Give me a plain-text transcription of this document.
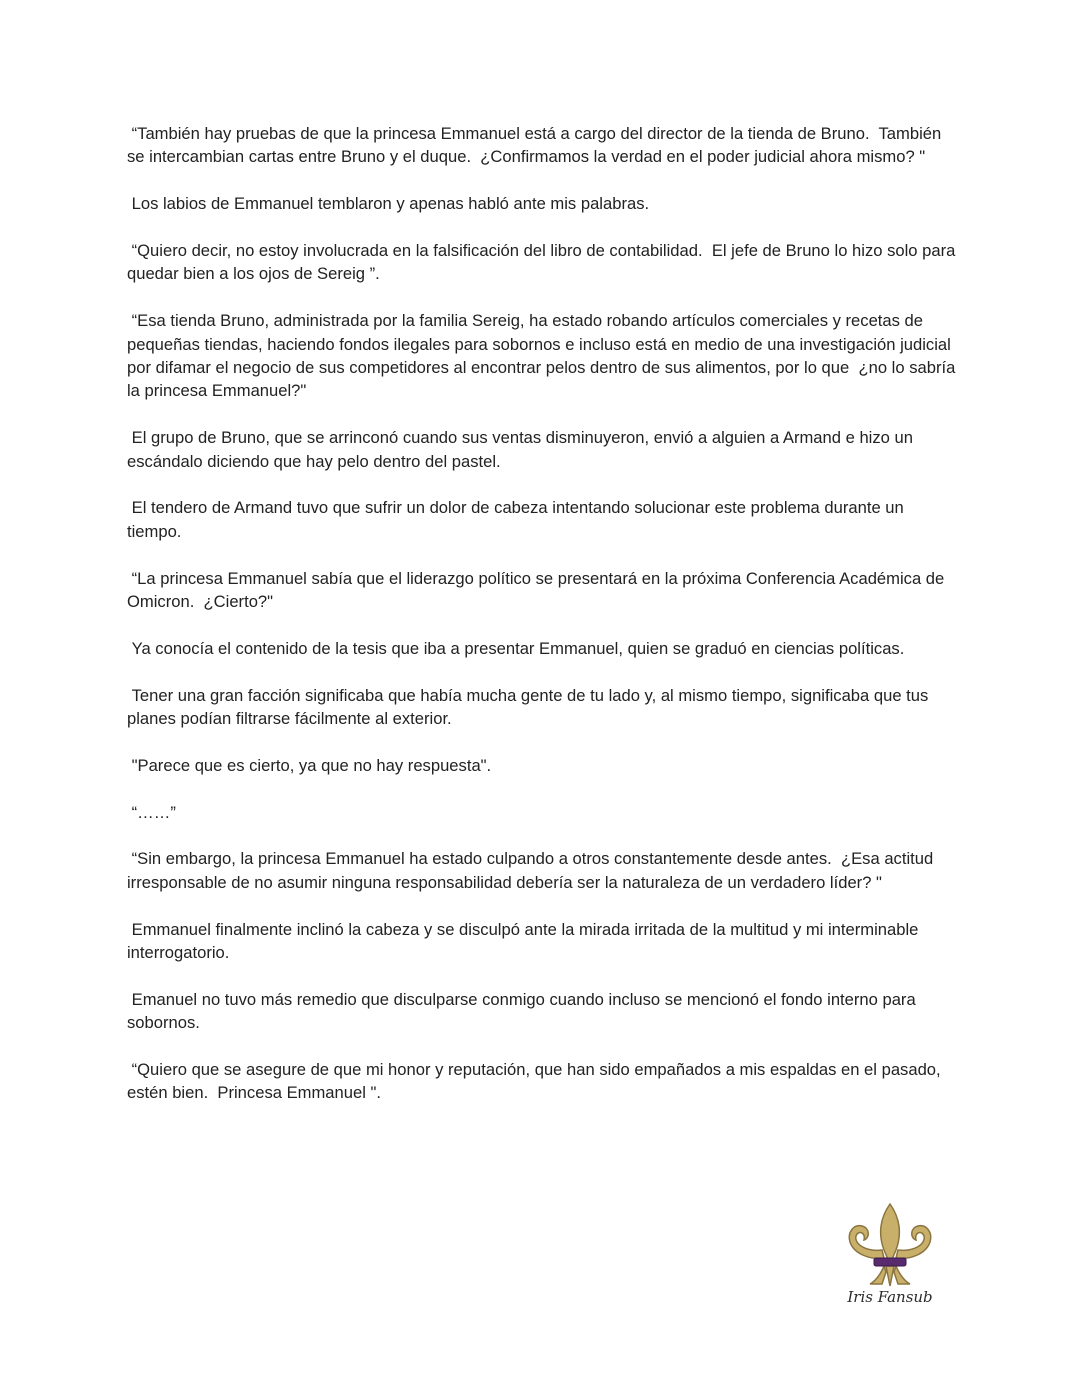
“También hay pruebas de que la princesa Emmanuel está a cargo del director de la tienda de Bruno.  También se intercambian cartas entre Bruno y el duque.  ¿Confirmamos la verdad en el poder judicial ahora mismo? "

Los labios de Emmanuel temblaron y apenas habló ante mis palabras.

“Quiero decir, no estoy involucrada en la falsificación del libro de contabilidad.  El jefe de Bruno lo hizo solo para quedar bien a los ojos de Sereig ”.

“Esa tienda Bruno, administrada por la familia Sereig, ha estado robando artículos comerciales y recetas de pequeñas tiendas, haciendo fondos ilegales para sobornos e incluso está en medio de una investigación judicial por difamar el negocio de sus competidores al encontrar pelos dentro de sus alimentos, por lo que  ¿no lo sabría la princesa Emmanuel?"

El grupo de Bruno, que se arrinconó cuando sus ventas disminuyeron, envió a alguien a Armand e hizo un escándalo diciendo que hay pelo dentro del pastel.

El tendero de Armand tuvo que sufrir un dolor de cabeza intentando solucionar este problema durante un tiempo.

“La princesa Emmanuel sabía que el liderazgo político se presentará en la próxima Conferencia Académica de Omicron.  ¿Cierto?"

Ya conocía el contenido de la tesis que iba a presentar Emmanuel, quien se graduó en ciencias políticas.

Tener una gran facción significaba que había mucha gente de tu lado y, al mismo tiempo, significaba que tus planes podían filtrarse fácilmente al exterior.

"Parece que es cierto, ya que no hay respuesta".

“……”

“Sin embargo, la princesa Emmanuel ha estado culpando a otros constantemente desde antes.  ¿Esa actitud irresponsable de no asumir ninguna responsabilidad debería ser la naturaleza de un verdadero líder? "

Emmanuel finalmente inclinó la cabeza y se disculpó ante la mirada irritada de la multitud y mi interminable interrogatorio.

Emanuel no tuvo más remedio que disculparse conmigo cuando incluso se mencionó el fondo interno para sobornos.

“Quiero que se asegure de que mi honor y reputación, que han sido empañados a mis espaldas en el pasado, estén bien.  Princesa Emmanuel ".

Iris Fansub
